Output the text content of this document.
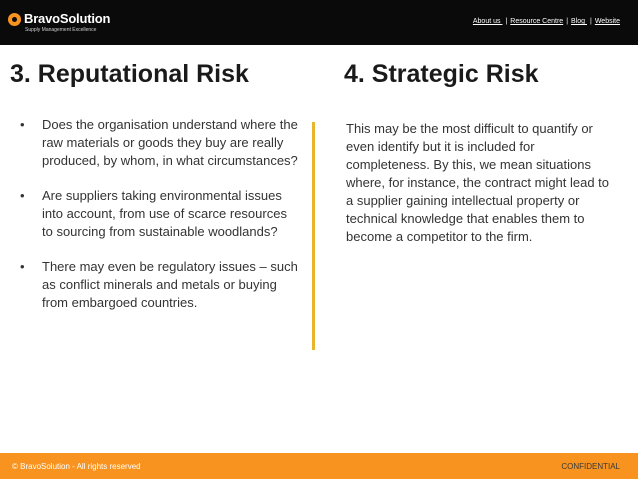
BravoSolution
Supply Management Excellence
About us | Resource Centre | Blog | Website
3. Reputational Risk	4. Strategic Risk
• Does the organisation understand where the raw materials or goods they buy are really produced, by whom, in what circumstances?
• Are suppliers taking environmental issues into account, from use of scarce resources to sourcing from sustainable woodlands?
• There may even be regulatory issues – such as conflict minerals and metals or buying from embargoed countries.

This may be the most difficult to quantify or even identify but it is included for completeness. By this, we mean situations where, for instance, the contract might lead to a supplier gaining intellectual property or technical knowledge that enables them to become a competitor to the firm.

© BravoSolution - All rights reserved	CONFIDENTIAL
